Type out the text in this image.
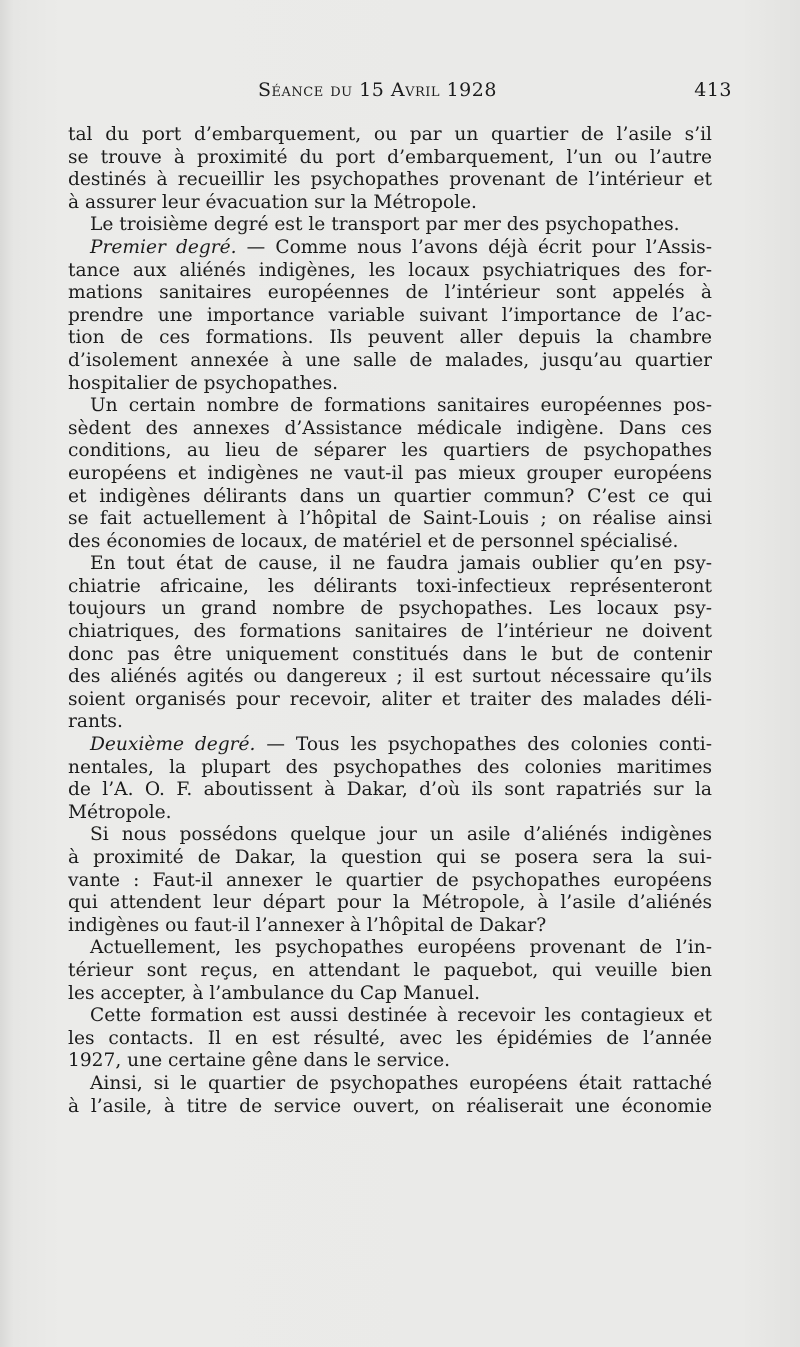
Séance du 15 Avril 1928	413
tal du port d’embarquement, ou par un quartier de l’asile s’il
se trouve à proximité du port d’embarquement, l’un ou l’autre
destinés à recueillir les psychopathes provenant de l’intérieur et
à assurer leur évacuation sur la Métropole.
Le troisième degré est le transport par mer des psychopathes.
Premier degré. — Comme nous l’avons déjà écrit pour l’Assis-
tance aux aliénés indigènes, les locaux psychiatriques des for-
mations sanitaires européennes de l’intérieur sont appelés à
prendre une importance variable suivant l’importance de l’ac-
tion de ces formations. Ils peuvent aller depuis la chambre
d’isolement annexée à une salle de malades, jusqu’au quartier
hospitalier de psychopathes.
Un certain nombre de formations sanitaires européennes pos-
sèdent des annexes d’Assistance médicale indigène. Dans ces
conditions, au lieu de séparer les quartiers de psychopathes
européens et indigènes ne vaut-il pas mieux grouper européens
et indigènes délirants dans un quartier commun? C’est ce qui
se fait actuellement à l’hôpital de Saint-Louis ; on réalise ainsi
des économies de locaux, de matériel et de personnel spécialisé.
En tout état de cause, il ne faudra jamais oublier qu’en psy-
chiatrie africaine, les délirants toxi-infectieux représenteront
toujours un grand nombre de psychopathes. Les locaux psy-
chiatriques, des formations sanitaires de l’intérieur ne doivent
donc pas être uniquement constitués dans le but de contenir
des aliénés agités ou dangereux ; il est surtout nécessaire qu’ils
soient organisés pour recevoir, aliter et traiter des malades déli-
rants.
Deuxième degré. — Tous les psychopathes des colonies conti-
nentales, la plupart des psychopathes des colonies maritimes
de l’A. O. F. aboutissent à Dakar, d’où ils sont rapatriés sur la
Métropole.
Si nous possédons quelque jour un asile d’aliénés indigènes
à proximité de Dakar, la question qui se posera sera la sui-
vante : Faut-il annexer le quartier de psychopathes européens
qui attendent leur départ pour la Métropole, à l’asile d’aliénés
indigènes ou faut-il l’annexer à l’hôpital de Dakar?
Actuellement, les psychopathes européens provenant de l’in-
térieur sont reçus, en attendant le paquebot, qui veuille bien
les accepter, à l’ambulance du Cap Manuel.
Cette formation est aussi destinée à recevoir les contagieux et
les contacts. Il en est résulté, avec les épidémies de l’année
1927, une certaine gêne dans le service.
Ainsi, si le quartier de psychopathes européens était rattaché
à l’asile, à titre de service ouvert, on réaliserait une économie
